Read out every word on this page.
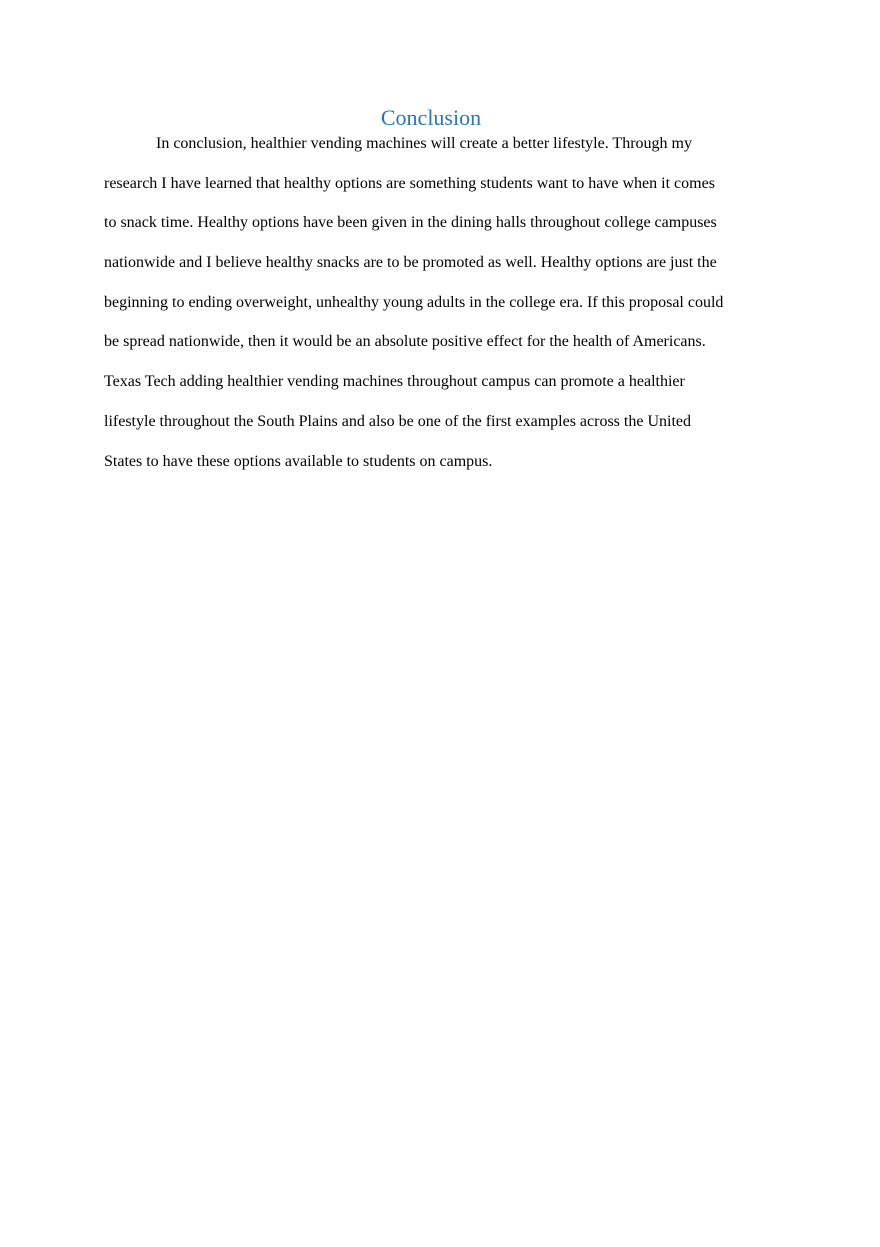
Conclusion
In conclusion, healthier vending machines will create a better lifestyle. Through my
research I have learned that healthy options are something students want to have when it comes
to snack time. Healthy options have been given in the dining halls throughout college campuses
nationwide and I believe healthy snacks are to be promoted as well. Healthy options are just the
beginning to ending overweight, unhealthy young adults in the college era. If this proposal could
be spread nationwide, then it would be an absolute positive effect for the health of Americans.
Texas Tech adding healthier vending machines throughout campus can promote a healthier
lifestyle throughout the South Plains and also be one of the first examples across the United
States to have these options available to students on campus.
